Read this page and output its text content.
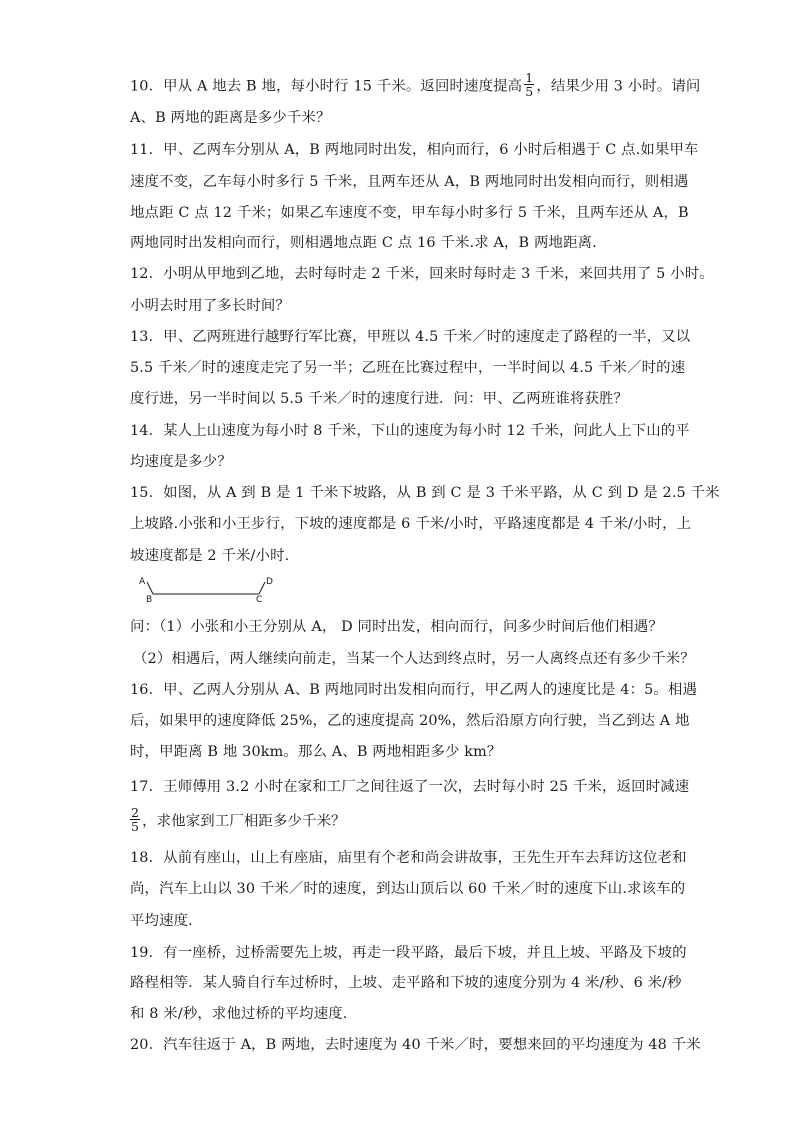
10．甲从 A 地去 B 地，每小时行 15 千米。返回时速度提高 $\frac{1}{5}$ ，结果少用 3 小时。请问
A、B 两地的距离是多少千米？
11．甲、乙两车分别从 A，B 两地同时出发，相向而行，6 小时后相遇于 C 点.如果甲车
速度不变，乙车每小时多行 5 千米，且两车还从 A，B 两地同时出发相向而行，则相遇
地点距 C 点 12 千米；如果乙车速度不变，甲车每小时多行 5 千米，且两车还从 A，B
两地同时出发相向而行，则相遇地点距 C 点 16 千米.求 A，B 两地距离.
12．小明从甲地到乙地，去时每时走 2 千米，回来时每时走 3 千米，来回共用了 5 小时。
小明去时用了多长时间？
13．甲、乙两班进行越野行军比赛，甲班以 4.5 千米／时的速度走了路程的一半，又以
5.5 千米／时的速度走完了另一半；乙班在比赛过程中，一半时间以 4.5 千米／时的速
度行进，另一半时间以 5.5 千米／时的速度行进．问：甲、乙两班谁将获胜？
14．某人上山速度为每小时 8 千米，下山的速度为每小时 12 千米，问此人上下山的平
均速度是多少？
15．如图，从 A 到 B 是 1 千米下坡路，从 B 到 C 是 3 千米平路，从 C 到 D 是 2.5 千米
上坡路.小张和小王步行，下坡的速度都是 6 千米/小时，平路速度都是 4 千米/小时，上
坡速度都是 2 千米/小时.
A
B	C
D
问：（1）小张和小王分别从 A， D 同时出发，相向而行，问多少时间后他们相遇？
（2）相遇后，两人继续向前走，当某一个人达到终点时，另一人离终点还有多少千米？
16．甲、乙两人分别从 A、B 两地同时出发相向而行，甲乙两人的速度比是 4：5。相遇
后，如果甲的速度降低 25%，乙的速度提高 20%，然后沿原方向行驶，当乙到达 A 地
时，甲距离 B 地 30km。那么 A、B 两地相距多少 km？
17．王师傅用 3.2 小时在家和工厂之间往返了一次，去时每小时 25 千米，返回时减速
$\frac{2}{5}$ ，求他家到工厂相距多少千米？
18．从前有座山，山上有座庙，庙里有个老和尚会讲故事，王先生开车去拜访这位老和
尚，汽车上山以 30 千米／时的速度，到达山顶后以 60 千米／时的速度下山.求该车的
平均速度.
19．有一座桥，过桥需要先上坡，再走一段平路，最后下坡，并且上坡、平路及下坡的
路程相等．某人骑自行车过桥时，上坡、走平路和下坡的速度分别为 4 米/秒、6 米/秒
和 8 米/秒，求他过桥的平均速度.
20．汽车往返于 A，B 两地，去时速度为 40 千米／时，要想来回的平均速度为 48 千米
